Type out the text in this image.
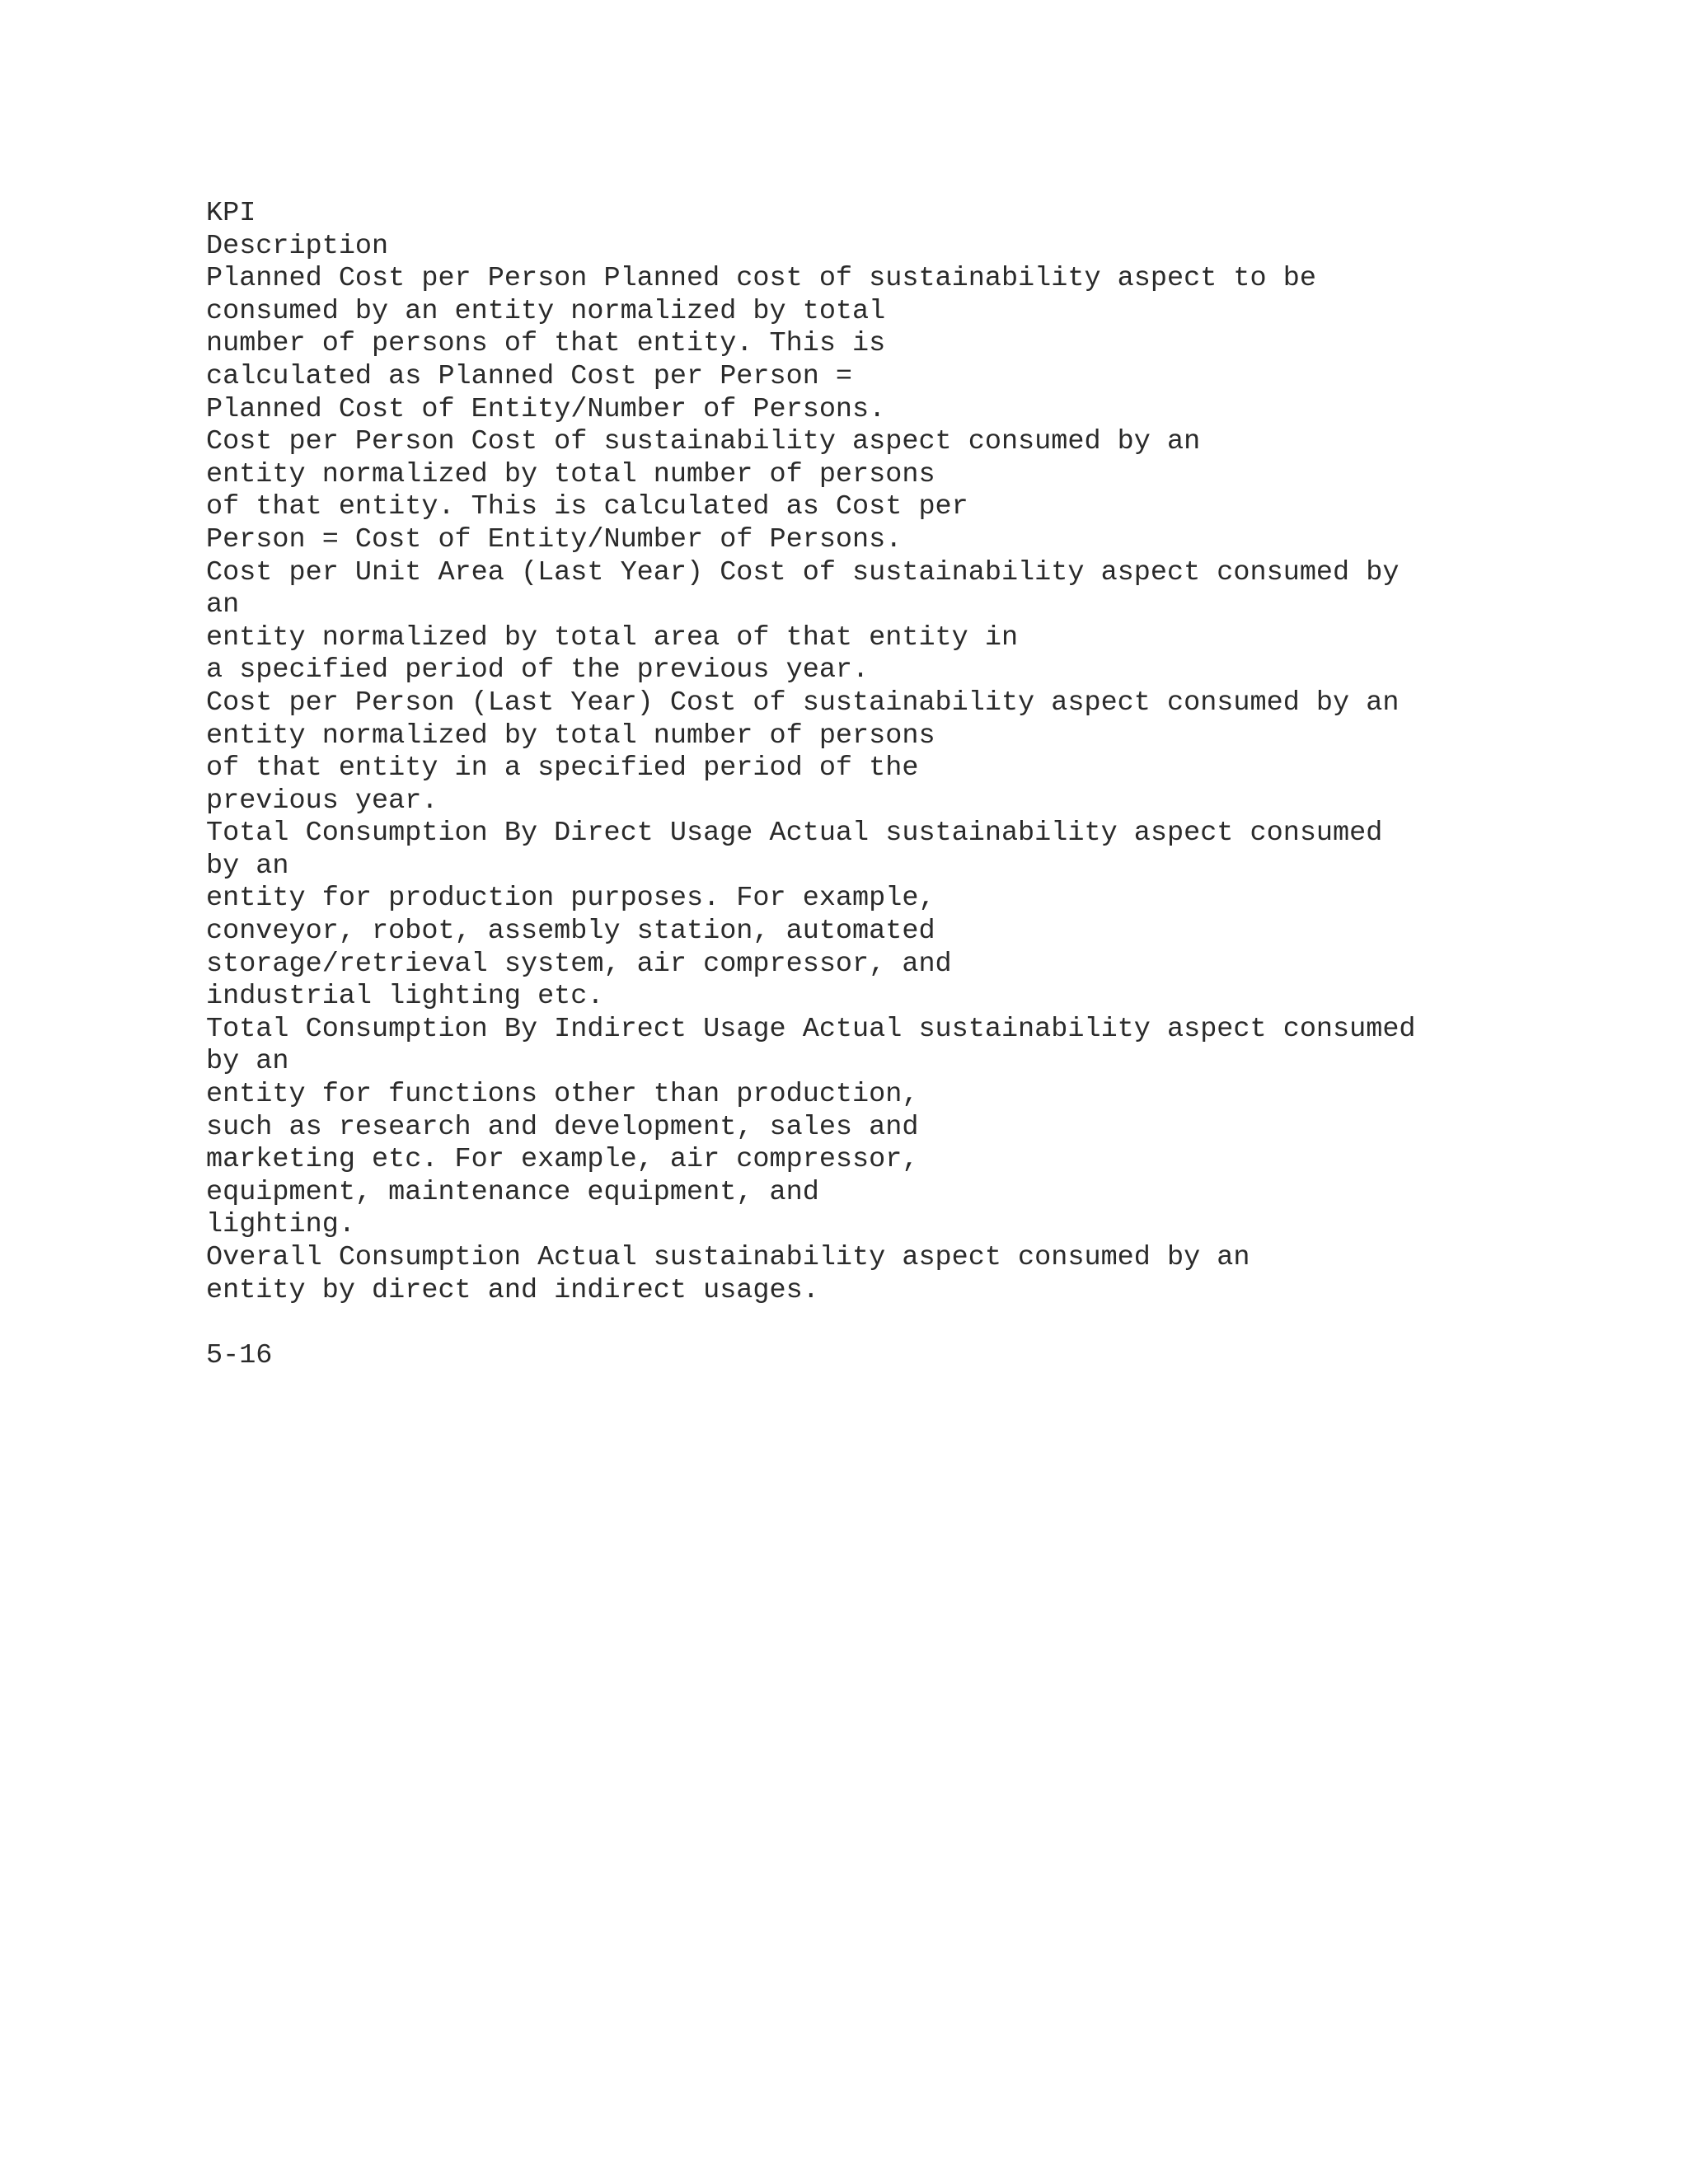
KPI
Description
Planned Cost per Person Planned cost of sustainability aspect to be
consumed by an entity normalized by total
number of persons of that entity. This is
calculated as Planned Cost per Person =
Planned Cost of Entity/Number of Persons.
Cost per Person Cost of sustainability aspect consumed by an
entity normalized by total number of persons
of that entity. This is calculated as Cost per
Person = Cost of Entity/Number of Persons.
Cost per Unit Area (Last Year) Cost of sustainability aspect consumed by
an
entity normalized by total area of that entity in
a specified period of the previous year.
Cost per Person (Last Year) Cost of sustainability aspect consumed by an
entity normalized by total number of persons
of that entity in a specified period of the
previous year.
Total Consumption By Direct Usage Actual sustainability aspect consumed
by an
entity for production purposes. For example,
conveyor, robot, assembly station, automated
storage/retrieval system, air compressor, and
industrial lighting etc.
Total Consumption By Indirect Usage Actual sustainability aspect consumed
by an
entity for functions other than production,
such as research and development, sales and
marketing etc. For example, air compressor,
equipment, maintenance equipment, and
lighting.
Overall Consumption Actual sustainability aspect consumed by an
entity by direct and indirect usages.
5-16
